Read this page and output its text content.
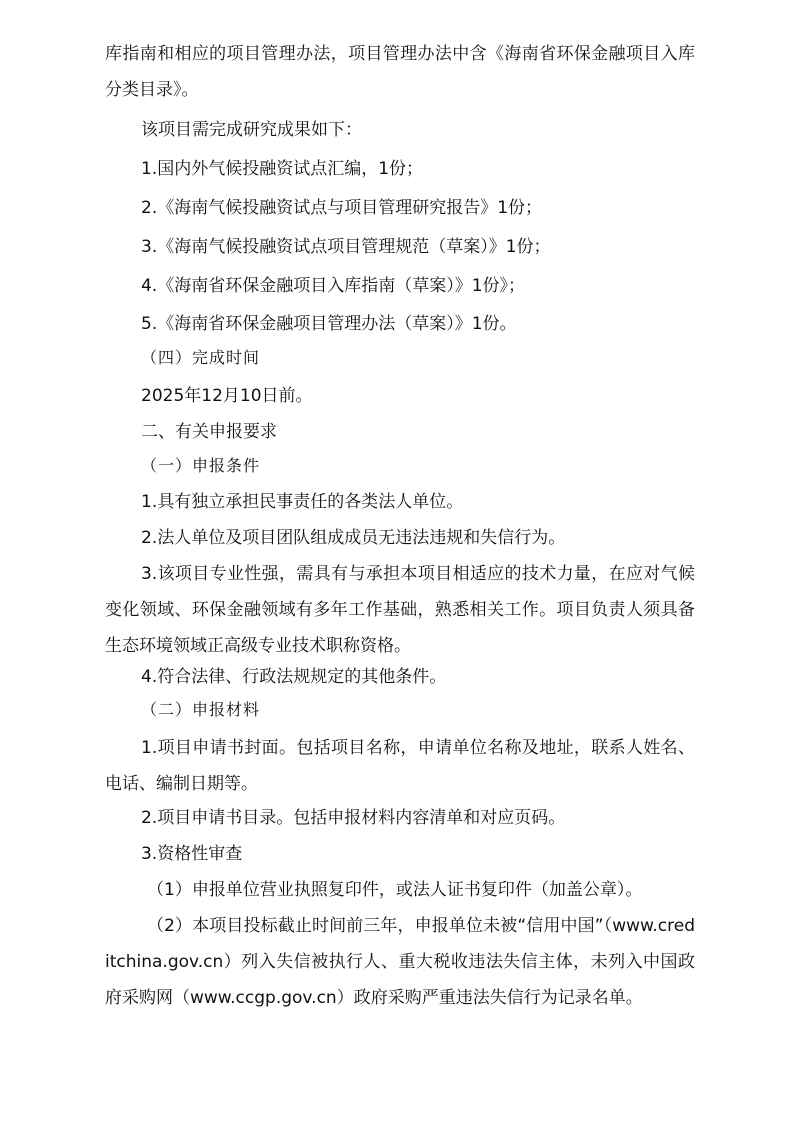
库指南和相应的项目管理办法，项目管理办法中含《海南省环保金融项目入库分类目录》。
该项目需完成研究成果如下：
1.国内外气候投融资试点汇编，1份；
2.《海南气候投融资试点与项目管理研究报告》1份；
3.《海南气候投融资试点项目管理规范（草案）》1份；
4.《海南省环保金融项目入库指南（草案）》1份》；
5.《海南省环保金融项目管理办法（草案）》1份。
（四）完成时间
2025年12月10日前。
二、有关申报要求
（一）申报条件
1.具有独立承担民事责任的各类法人单位。
2.法人单位及项目团队组成成员无违法违规和失信行为。
3.该项目专业性强，需具有与承担本项目相适应的技术力量，在应对气候变化领域、环保金融领域有多年工作基础，熟悉相关工作。项目负责人须具备生态环境领域正高级专业技术职称资格。
4.符合法律、行政法规规定的其他条件。
（二）申报材料
1.项目申请书封面。包括项目名称，申请单位名称及地址，联系人姓名、电话、编制日期等。
2.项目申请书目录。包括申报材料内容清单和对应页码。
3.资格性审查
（1）申报单位营业执照复印件，或法人证书复印件（加盖公章）。
（2）本项目投标截止时间前三年，申报单位未被“信用中国”（www.creditchina.gov.cn）列入失信被执行人、重大税收违法失信主体，未列入中国政府采购网（www.ccgp.gov.cn）政府采购严重违法失信行为记录名单。
